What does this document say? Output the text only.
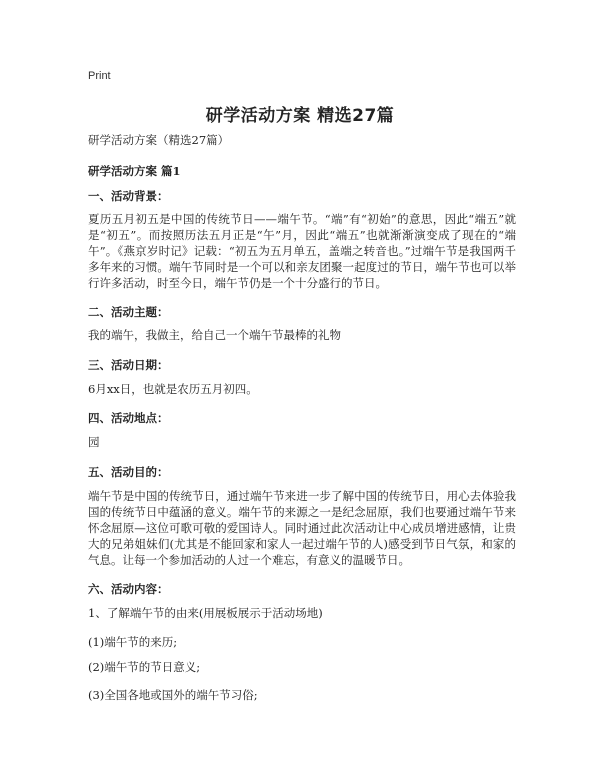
Print
研学活动方案 精选27篇
研学活动方案（精选27篇）
研学活动方案 篇1
一、活动背景：
夏历五月初五是中国的传统节日——端午节。“端”有“初始”的意思，因此“端五”就是“初五”。而按照历法五月正是“午”月，因此“端五”也就渐渐演变成了现在的“端午”。《燕京岁时记》记载：“初五为五月单五，盖端之转音也。”过端午节是我国两千多年来的习惯。端午节同时是一个可以和亲友团聚一起度过的节日，端午节也可以举行许多活动，时至今日，端午节仍是一个十分盛行的节日。
二、活动主题：
我的端午，我做主，给自己一个端午节最棒的礼物
三、活动日期：
6月xx日，也就是农历五月初四。
四、活动地点：
园
五、活动目的：
端午节是中国的传统节日，通过端午节来进一步了解中国的传统节日，用心去体验我国的传统节日中蕴涵的意义。端午节的来源之一是纪念屈原，我们也要通过端午节来怀念屈原—这位可歌可敬的爱国诗人。同时通过此次活动让中心成员增进感情，让贵大的兄弟姐妹们(尤其是不能回家和家人一起过端午节的人)感受到节日气氛，和家的气息。让每一个参加活动的人过一个难忘，有意义的温暖节日。
六、活动内容：
1、了解端午节的由来(用展板展示于活动场地)
(1)端午节的来历;
(2)端午节的节日意义;
(3)全国各地或国外的端午节习俗;
